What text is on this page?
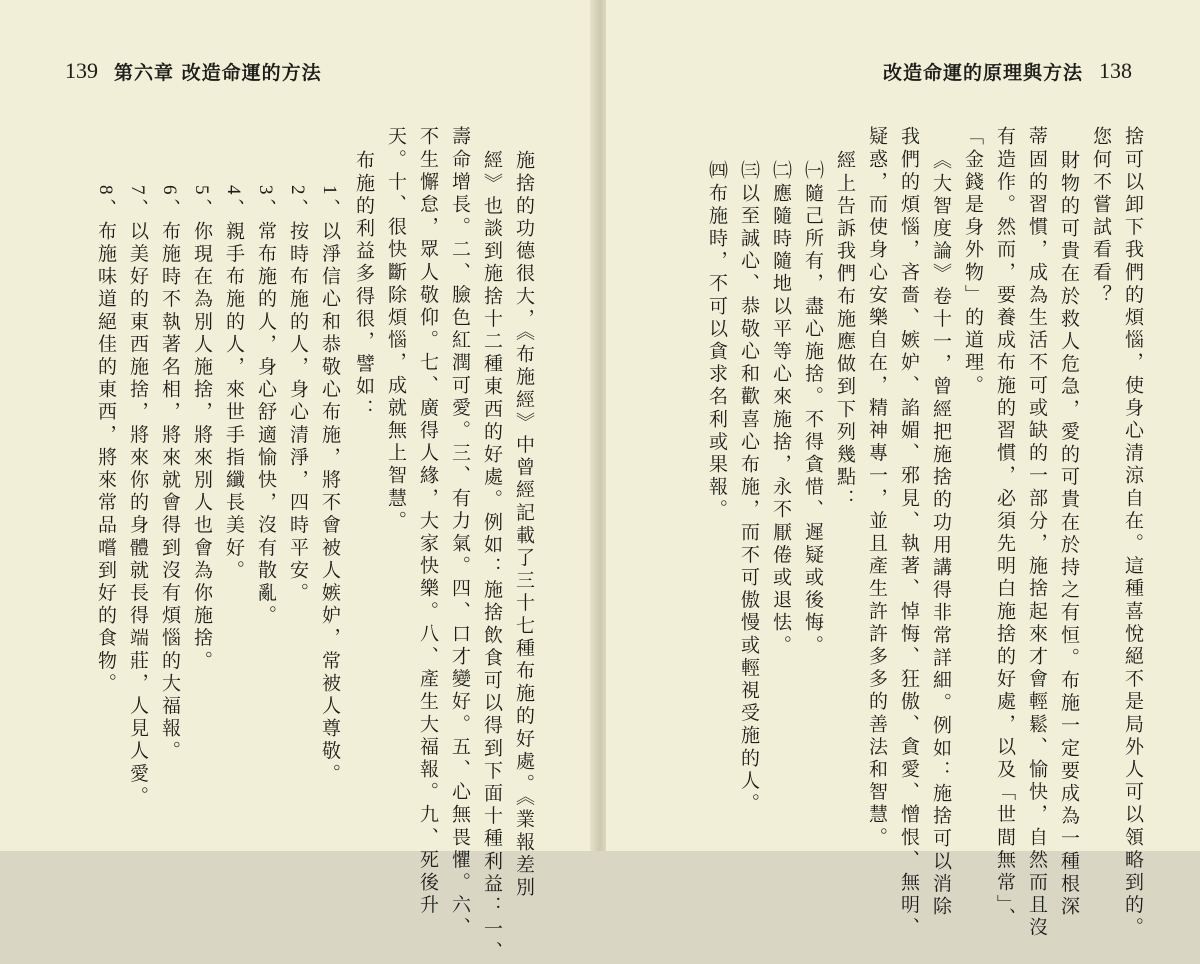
139 第六章 改造命運的方法
施捨的功德很大，《布施經》中曾經記載了三十七種布施的好處。《業報差別
經》也談到施捨十二種東西的好處。例如：施捨飲食可以得到下面十種利益：一、
壽命增長。二、臉色紅潤可愛。三、有力氣。四、口才變好。五、心無畏懼。六、
不生懈怠，眾人敬仰。七、廣得人緣，大家快樂。八、產生大福報。九、死後升
天。十、很快斷除煩惱，成就無上智慧。
布施的利益多得很，譬如：
1、以淨信心和恭敬心布施，將不會被人嫉妒，常被人尊敬。
2、按時布施的人，身心清淨，四時平安。
3、常布施的人，身心舒適愉快，沒有散亂。
4、親手布施的人，來世手指纖長美好。
5、你現在為別人施捨，將來別人也會為你施捨。
6、布施時不執著名相，將來就會得到沒有煩惱的大福報。
7、以美好的東西施捨，將來你的身體就長得端莊，人見人愛。
8、布施味道絕佳的東西，將來常品嚐到好的食物。
改造命運的原理與方法 138
捨可以卸下我們的煩惱，使身心清涼自在。這種喜悅絕不是局外人可以領略到的。
您何不嘗試看看？
財物的可貴在於救人危急，愛的可貴在於持之有恒。布施一定要成為一種根深
蒂固的習慣，成為生活不可或缺的一部分，施捨起來才會輕鬆、愉快，自然而且沒
有造作。然而，要養成布施的習慣，必須先明白施捨的好處，以及「世間無常」、
「金錢是身外物」的道理。
《大智度論》卷十一，曾經把施捨的功用講得非常詳細。例如：施捨可以消除
我們的煩惱，吝嗇、嫉妒、諂媚、邪見、執著、悼悔、狂傲、貪愛、憎恨、無明、
疑惑，而使身心安樂自在，精神專一，並且產生許許多多的善法和智慧。
經上告訴我們布施應做到下列幾點：
㈠隨己所有，盡心施捨。不得貪惜、遲疑或後悔。
㈡應隨時隨地以平等心來施捨，永不厭倦或退怯。
㈢以至誠心、恭敬心和歡喜心布施，而不可傲慢或輕視受施的人。
㈣布施時，不可以貪求名利或果報。
